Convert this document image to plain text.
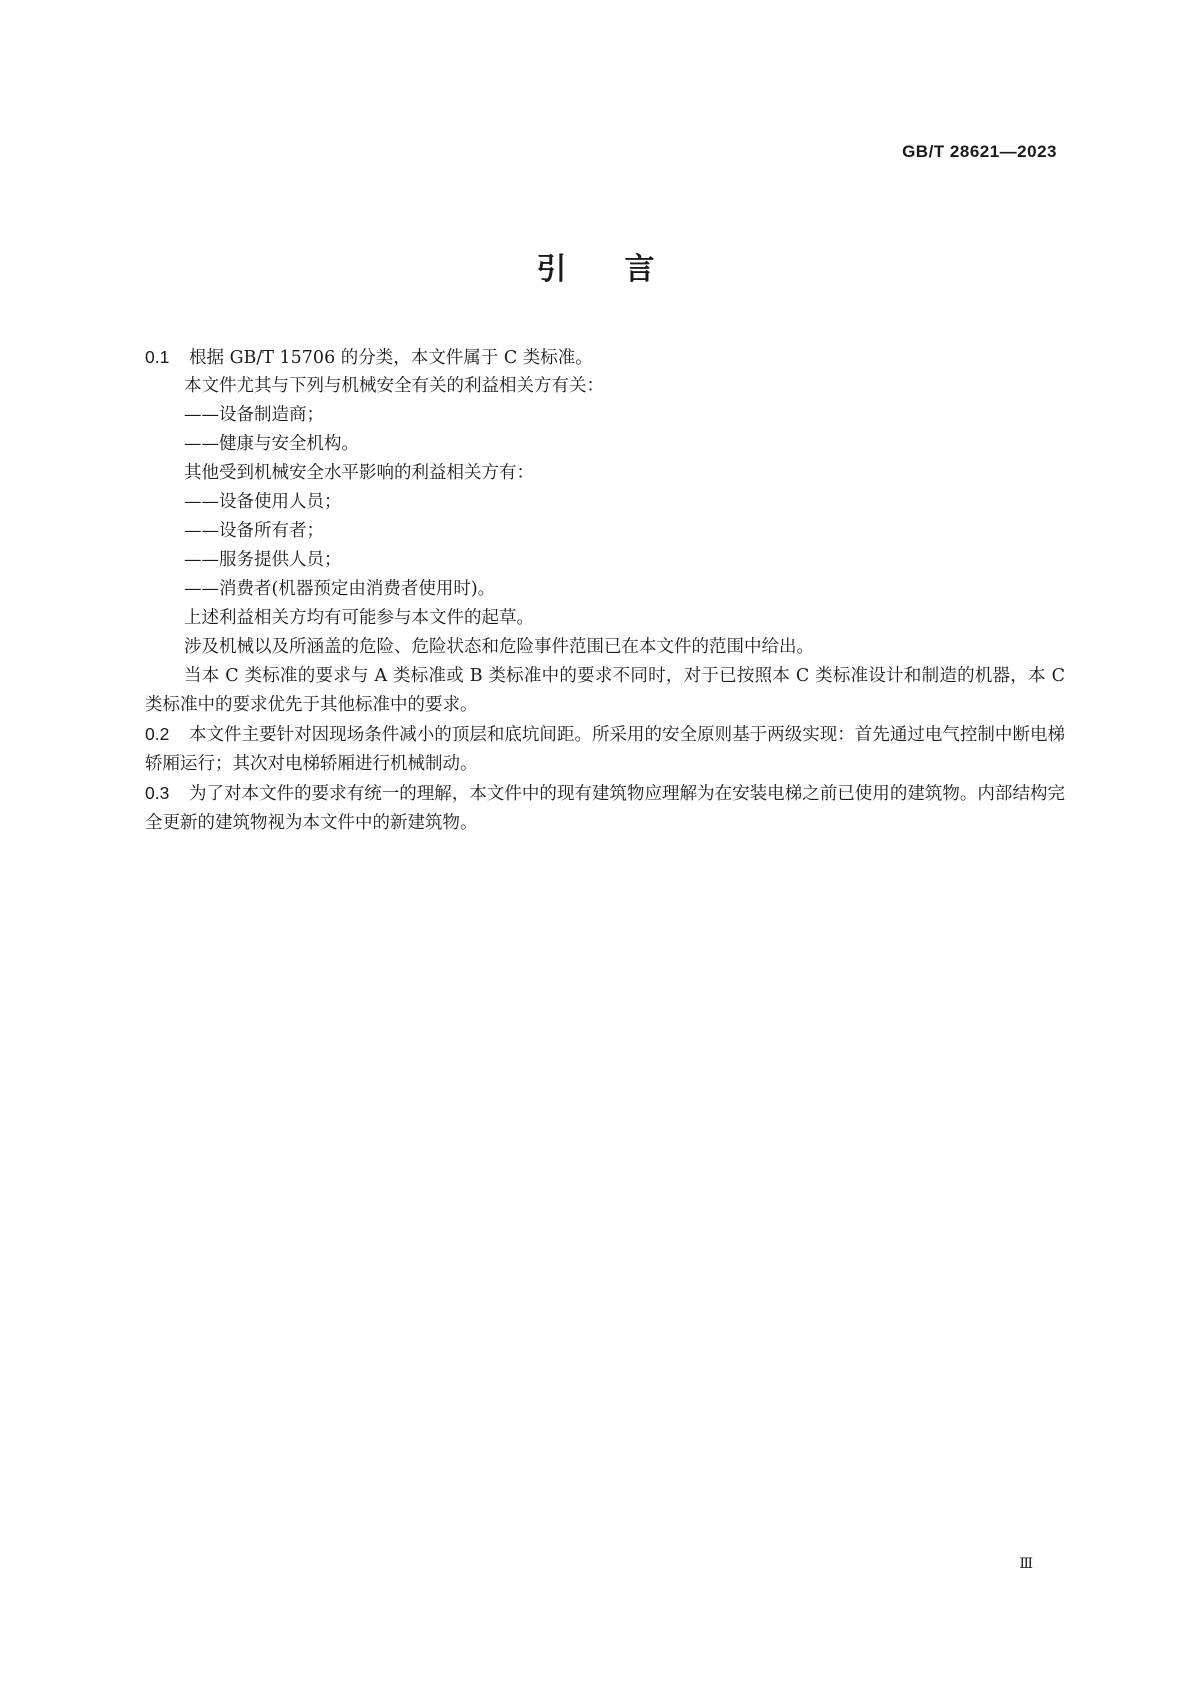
GB/T 28621—2023
引言
0.1 根据 GB/T 15706 的分类，本文件属于 C 类标准。
本文件尤其与下列与机械安全有关的利益相关方有关：
——设备制造商；
——健康与安全机构。
其他受到机械安全水平影响的利益相关方有：
——设备使用人员；
——设备所有者；
——服务提供人员；
——消费者(机器预定由消费者使用时)。
上述利益相关方均有可能参与本文件的起草。
涉及机械以及所涵盖的危险、危险状态和危险事件范围已在本文件的范围中给出。
当本 C 类标准的要求与 A 类标准或 B 类标准中的要求不同时，对于已按照本 C 类标准设计和制造的机器，本 C 类标准中的要求优先于其他标准中的要求。
0.2 本文件主要针对因现场条件减小的顶层和底坑间距。所采用的安全原则基于两级实现：首先通过电气控制中断电梯轿厢运行；其次对电梯轿厢进行机械制动。
0.3 为了对本文件的要求有统一的理解，本文件中的现有建筑物应理解为在安装电梯之前已使用的建筑物。内部结构完全更新的建筑物视为本文件中的新建筑物。
Ⅲ
